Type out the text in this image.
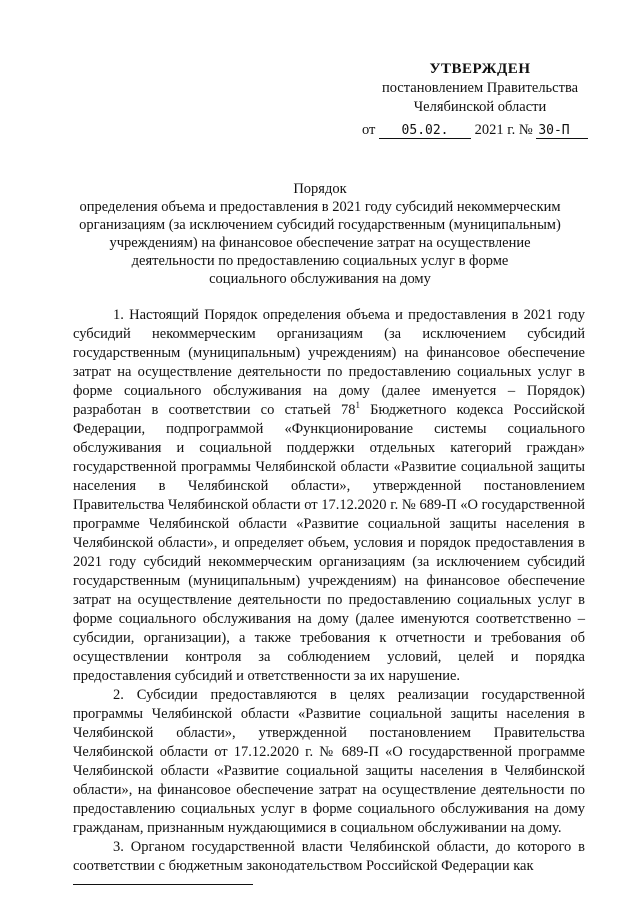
УТВЕРЖДЕН
постановлением Правительства
Челябинской области
от 05.02. 2021 г. № 30-П
Порядок
определения объема и предоставления в 2021 году субсидий некоммерческим
организациям (за исключением субсидий государственным (муниципальным)
учреждениям) на финансовое обеспечение затрат на осуществление
деятельности по предоставлению социальных услуг в форме
социального обслуживания на дому

1. Настоящий Порядок определения объема и предоставления в 2021 году субсидий некоммерческим организациям (за исключением субсидий государственным (муниципальным) учреждениям) на финансовое обеспечение затрат на осуществление деятельности по предоставлению социальных услуг в форме социального обслуживания на дому (далее именуется – Порядок) разработан в соответствии со статьей $78^1$ Бюджетного кодекса Российской Федерации, подпрограммой «Функционирование системы социального обслуживания и социальной поддержки отдельных категорий граждан» государственной программы Челябинской области «Развитие социальной защиты населения в Челябинской области», утвержденной постановлением Правительства Челябинской области от 17.12.2020 г. № 689-П «О государственной программе Челябинской области «Развитие социальной защиты населения в Челябинской области», и определяет объем, условия и порядок предоставления в 2021 году субсидий некоммерческим организациям (за исключением субсидий государственным (муниципальным) учреждениям) на финансовое обеспечение затрат на осуществление деятельности по предоставлению социальных услуг в форме социального обслуживания на дому (далее именуются соответственно – субсидии, организации), а также требования к отчетности и требования об осуществлении контроля за соблюдением условий, целей и порядка предоставления субсидий и ответственности за их нарушение.

2. Субсидии предоставляются в целях реализации государственной программы Челябинской области «Развитие социальной защиты населения в Челябинской области», утвержденной постановлением Правительства Челябинской области от 17.12.2020 г. № 689-П «О государственной программе Челябинской области «Развитие социальной защиты населения в Челябинской области», на финансовое обеспечение затрат на осуществление деятельности по предоставлению социальных услуг в форме социального обслуживания на дому гражданам, признанным нуждающимися в социальном обслуживании на дому.

3. Органом государственной власти Челябинской области, до которого в соответствии с бюджетным законодательством Российской Федерации как
